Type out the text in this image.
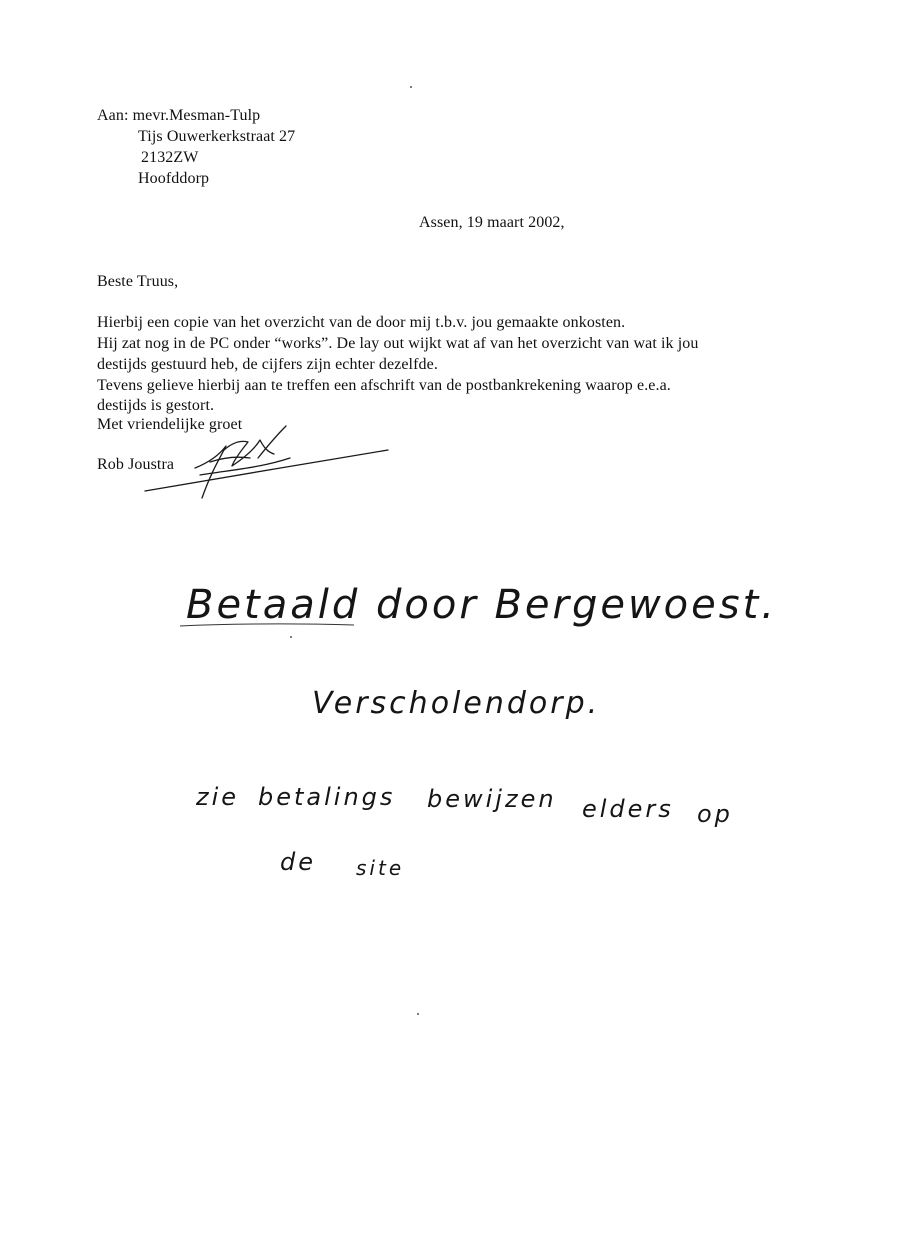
Aan: mevr.Mesman-Tulp
Tijs Ouwerkerkstraat 27
2132ZW
Hoofddorp
Assen, 19 maart 2002,
Beste Truus,
Hierbij een copie van het overzicht van de door mij t.b.v. jou gemaakte onkosten.
Hij zat nog in de PC onder “works”. De lay out wijkt wat af van het overzicht van wat ik jou
destijds gestuurd heb, de cijfers zijn echter dezelfde.
Tevens gelieve hierbij aan te treffen een afschrift van de postbankrekening waarop e.e.a.
destijds is gestort.
Met vriendelijke groet
Rob Joustra
Betaald door Bergewoest.
Verscholendorp.
zie betalings bewijzen elders op
de site
